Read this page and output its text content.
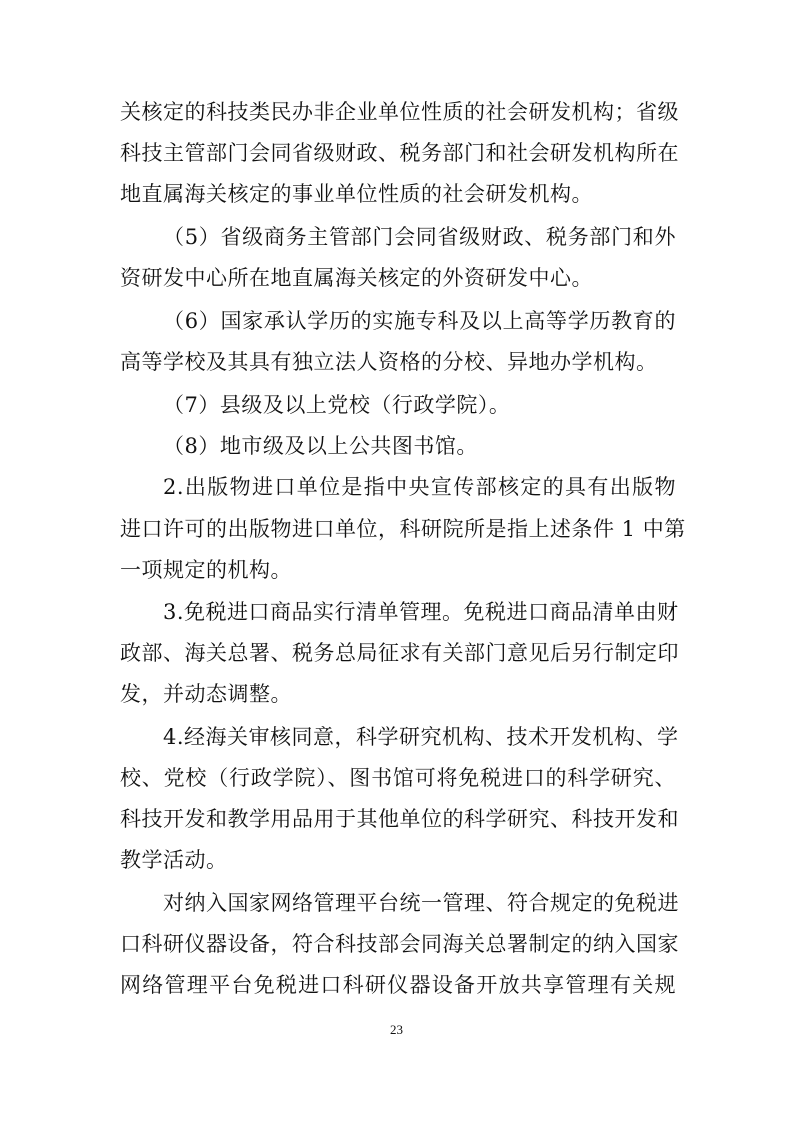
关核定的科技类民办非企业单位性质的社会研发机构；省级
科技主管部门会同省级财政、税务部门和社会研发机构所在
地直属海关核定的事业单位性质的社会研发机构。
（5）省级商务主管部门会同省级财政、税务部门和外
资研发中心所在地直属海关核定的外资研发中心。
（6）国家承认学历的实施专科及以上高等学历教育的
高等学校及其具有独立法人资格的分校、异地办学机构。
（7）县级及以上党校（行政学院）。
（8）地市级及以上公共图书馆。
2.出版物进口单位是指中央宣传部核定的具有出版物
进口许可的出版物进口单位，科研院所是指上述条件 1 中第
一项规定的机构。
3.免税进口商品实行清单管理。免税进口商品清单由财
政部、海关总署、税务总局征求有关部门意见后另行制定印
发，并动态调整。
4.经海关审核同意，科学研究机构、技术开发机构、学
校、党校（行政学院）、图书馆可将免税进口的科学研究、
科技开发和教学用品用于其他单位的科学研究、科技开发和
教学活动。
对纳入国家网络管理平台统一管理、符合规定的免税进
口科研仪器设备，符合科技部会同海关总署制定的纳入国家
网络管理平台免税进口科研仪器设备开放共享管理有关规
23
